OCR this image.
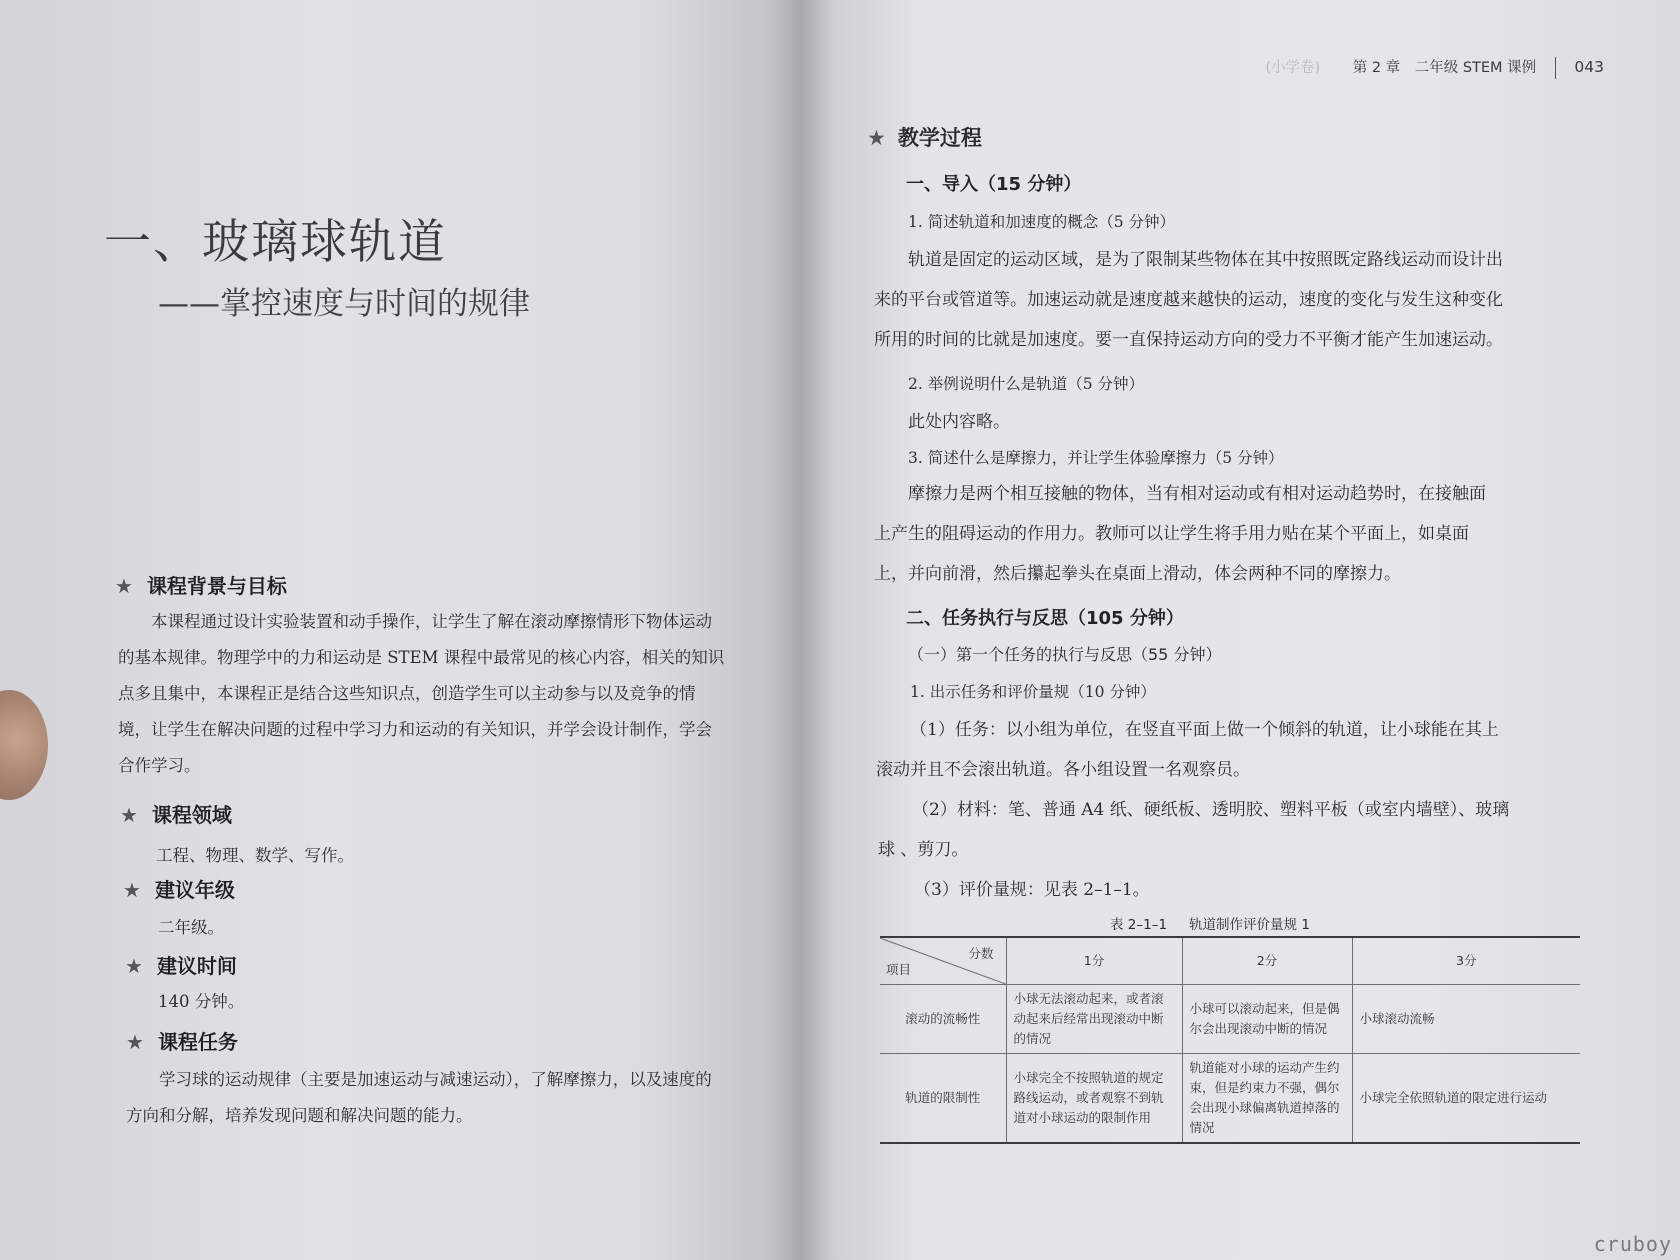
一、玻璃球轨道
——掌控速度与时间的规律
★ 课程背景与目标
本课程通过设计实验装置和动手操作，让学生了解在滚动摩擦情形下物体运动
的基本规律。物理学中的力和运动是 STEM 课程中最常见的核心内容，相关的知识
点多且集中，本课程正是结合这些知识点，创造学生可以主动参与以及竞争的情
境，让学生在解决问题的过程中学习力和运动的有关知识，并学会设计制作，学会
合作学习。
★ 课程领域
工程、物理、数学、写作。
★ 建议年级
二年级。
★ 建议时间
140 分钟。
★ 课程任务
学习球的运动规律（主要是加速运动与减速运动），了解摩擦力，以及速度的
方向和分解，培养发现问题和解决问题的能力。
(小学卷) 第 2 章　二年级 STEM 课例 043
★ 教学过程
一、导入（15 分钟）
1. 简述轨道和加速度的概念（5 分钟）
轨道是固定的运动区域，是为了限制某些物体在其中按照既定路线运动而设计出
来的平台或管道等。加速运动就是速度越来越快的运动，速度的变化与发生这种变化
所用的时间的比就是加速度。要一直保持运动方向的受力不平衡才能产生加速运动。
2. 举例说明什么是轨道（5 分钟）
此处内容略。
3. 简述什么是摩擦力，并让学生体验摩擦力（5 分钟）
摩擦力是两个相互接触的物体，当有相对运动或有相对运动趋势时，在接触面
上产生的阻碍运动的作用力。教师可以让学生将手用力贴在某个平面上，如桌面
上，并向前滑，然后攥起拳头在桌面上滑动，体会两种不同的摩擦力。
二、任务执行与反思（105 分钟）
（一）第一个任务的执行与反思（55 分钟）
1. 出示任务和评价量规（10 分钟）
（1）任务：以小组为单位，在竖直平面上做一个倾斜的轨道，让小球能在其上
滚动并且不会滚出轨道。各小组设置一名观察员。
（2）材料：笔、普通 A4 纸、硬纸板、透明胶、塑料平板（或室内墙壁）、玻璃
球 、剪刀。
（3）评价量规：见表 2–1–1。
表 2–1–1 轨道制作评价量规 1
分数
项目	1分	2分	3分
滚动的流畅性	小球无法滚动起来，或者滚动起来后经常出现滚动中断的情况	小球可以滚动起来，但是偶尔会出现滚动中断的情况	小球滚动流畅
轨道的限制性	小球完全不按照轨道的规定路线运动，或者观察不到轨道对小球运动的限制作用	轨道能对小球的运动产生约束，但是约束力不强，偶尔会出现小球偏离轨道掉落的情况	小球完全依照轨道的限定进行运动
cruboy
